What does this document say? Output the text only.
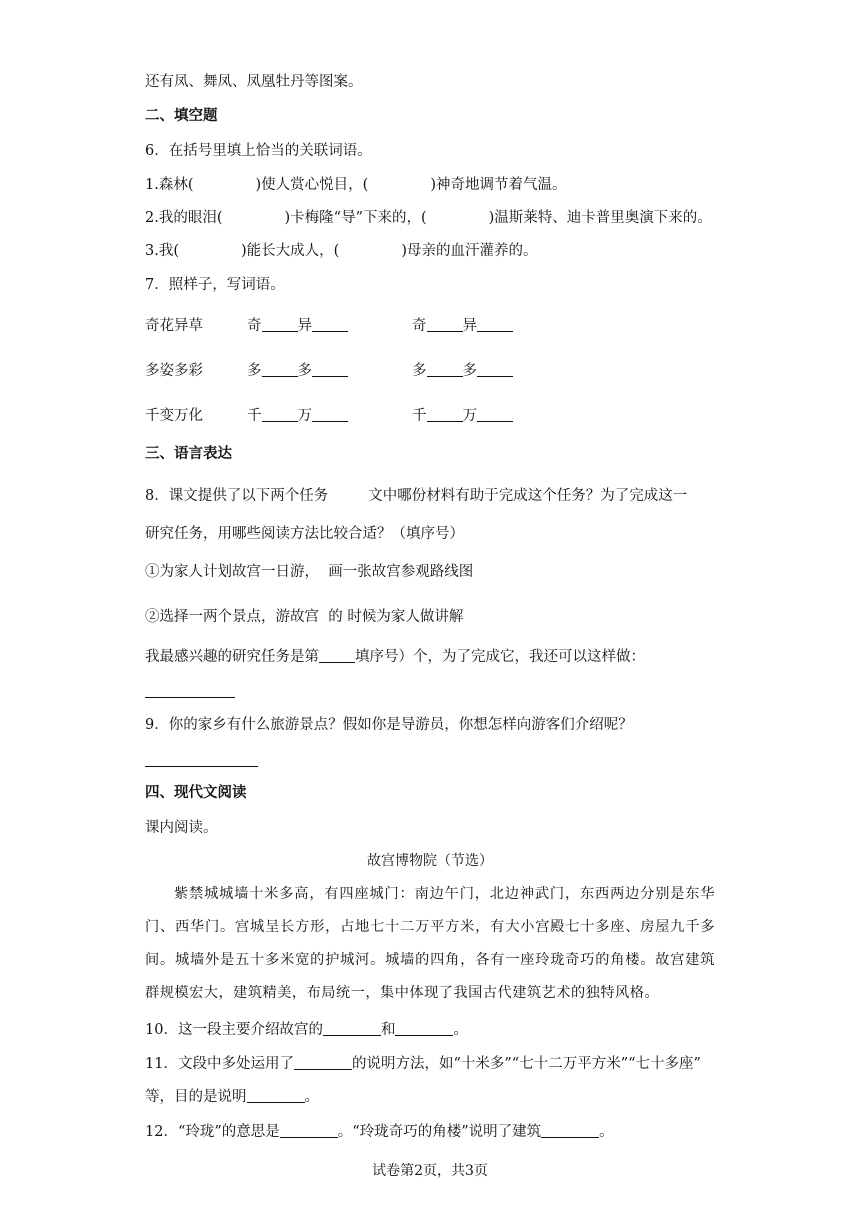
还有凤、舞凤、凤凰牡丹等图案。
二、填空题
6．在括号里填上恰当的关联词语。
1.森林(	)使人赏心悦目，(	)神奇地调节着气温。
2.我的眼泪(	)卡梅隆“导”下来的，(	)温斯莱特、迪卡普里奥演下来的。
3.我(	)能长大成人，(	)母亲的血汗灌养的。
7．照样子，写词语。
奇花异草	奇 异	奇 异
多姿多彩	多 多	多 多
千变万化	千 万	千 万
三、语言表达
8．课文提供了以下两个任务	文中哪份材料有助于完成这个任务？为了完成这一
研究任务，用哪些阅读方法比较合适？（填序号）
①为家人计划故宫一日游，  画一张故宫参观路线图
②选择一两个景点，游故宫  的 时候为家人做讲解
我最感兴趣的研究任务是第 填序号）个，为了完成它，我还可以这样做：
9．你的家乡有什么旅游景点？假如你是导游员，你想怎样向游客们介绍呢？
四、现代文阅读
课内阅读。
故宫博物院（节选）
紫禁城城墙十米多高，有四座城门：南边午门，北边神武门，东西两边分别是东华门、西华门。宫城呈长方形，占地七十二万平方米，有大小宫殿七十多座、房屋九千多间。城墙外是五十多米宽的护城河。城墙的四角，各有一座玲珑奇巧的角楼。故宫建筑群规模宏大，建筑精美，布局统一，集中体现了我国古代建筑艺术的独特风格。
10．这一段主要介绍故宫的	和	。
11．文段中多处运用了	的说明方法，如“十米多”“七十二万平方米”“七十多座”
等，目的是说明	。
12．“玲珑”的意思是	。“玲珑奇巧的角楼”说明了建筑	。
试卷第2页，共3页
